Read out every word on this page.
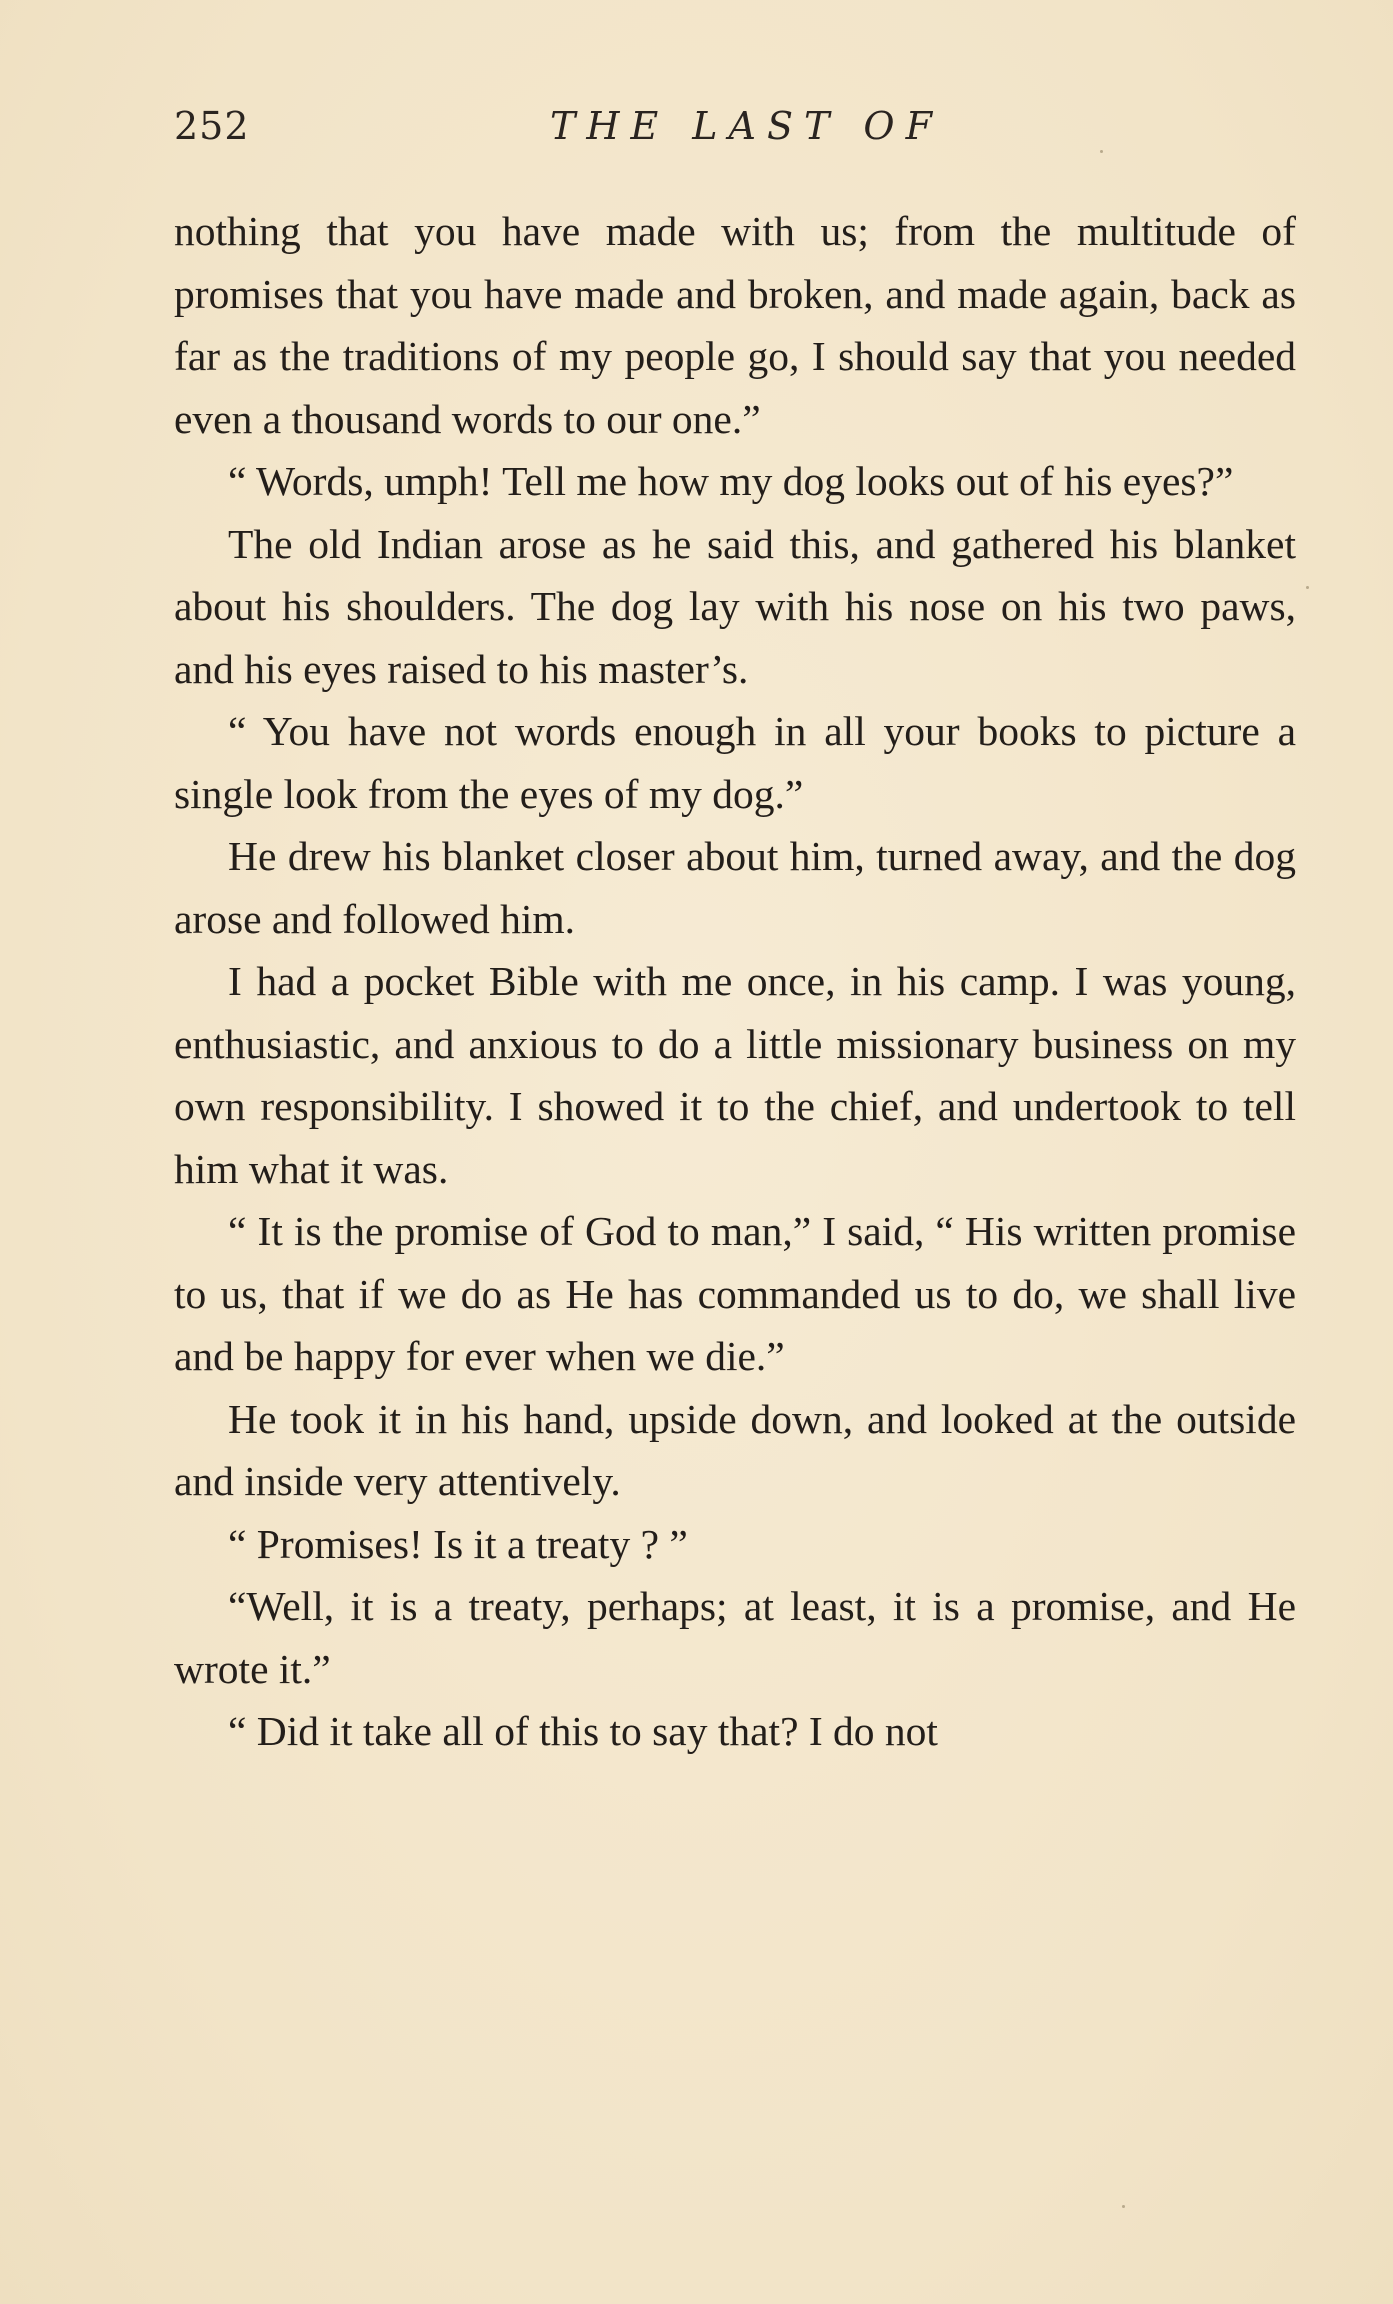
252	THE LAST OF

nothing that you have made with us; from the multitude of promises that you have made and broken, and made again, back as far as the traditions of my people go, I should say that you needed even a thousand words to our one.”

“ Words, umph! Tell me how my dog looks out of his eyes?”

The old Indian arose as he said this, and gathered his blanket about his shoulders. The dog lay with his nose on his two paws, and his eyes raised to his master’s.

“ You have not words enough in all your books to picture a single look from the eyes of my dog.”

He drew his blanket closer about him, turned away, and the dog arose and followed him.

I had a pocket Bible with me once, in his camp. I was young, enthusiastic, and anxious to do a little missionary business on my own responsibility. I showed it to the chief, and undertook to tell him what it was.

“ It is the promise of God to man,” I said, “ His written promise to us, that if we do as He has commanded us to do, we shall live and be happy for ever when we die.”

He took it in his hand, upside down, and looked at the outside and inside very attentively.

“ Promises! Is it a treaty ? ”

“Well, it is a treaty, perhaps; at least, it is a promise, and He wrote it.”

“ Did it take all of this to say that? I do not
